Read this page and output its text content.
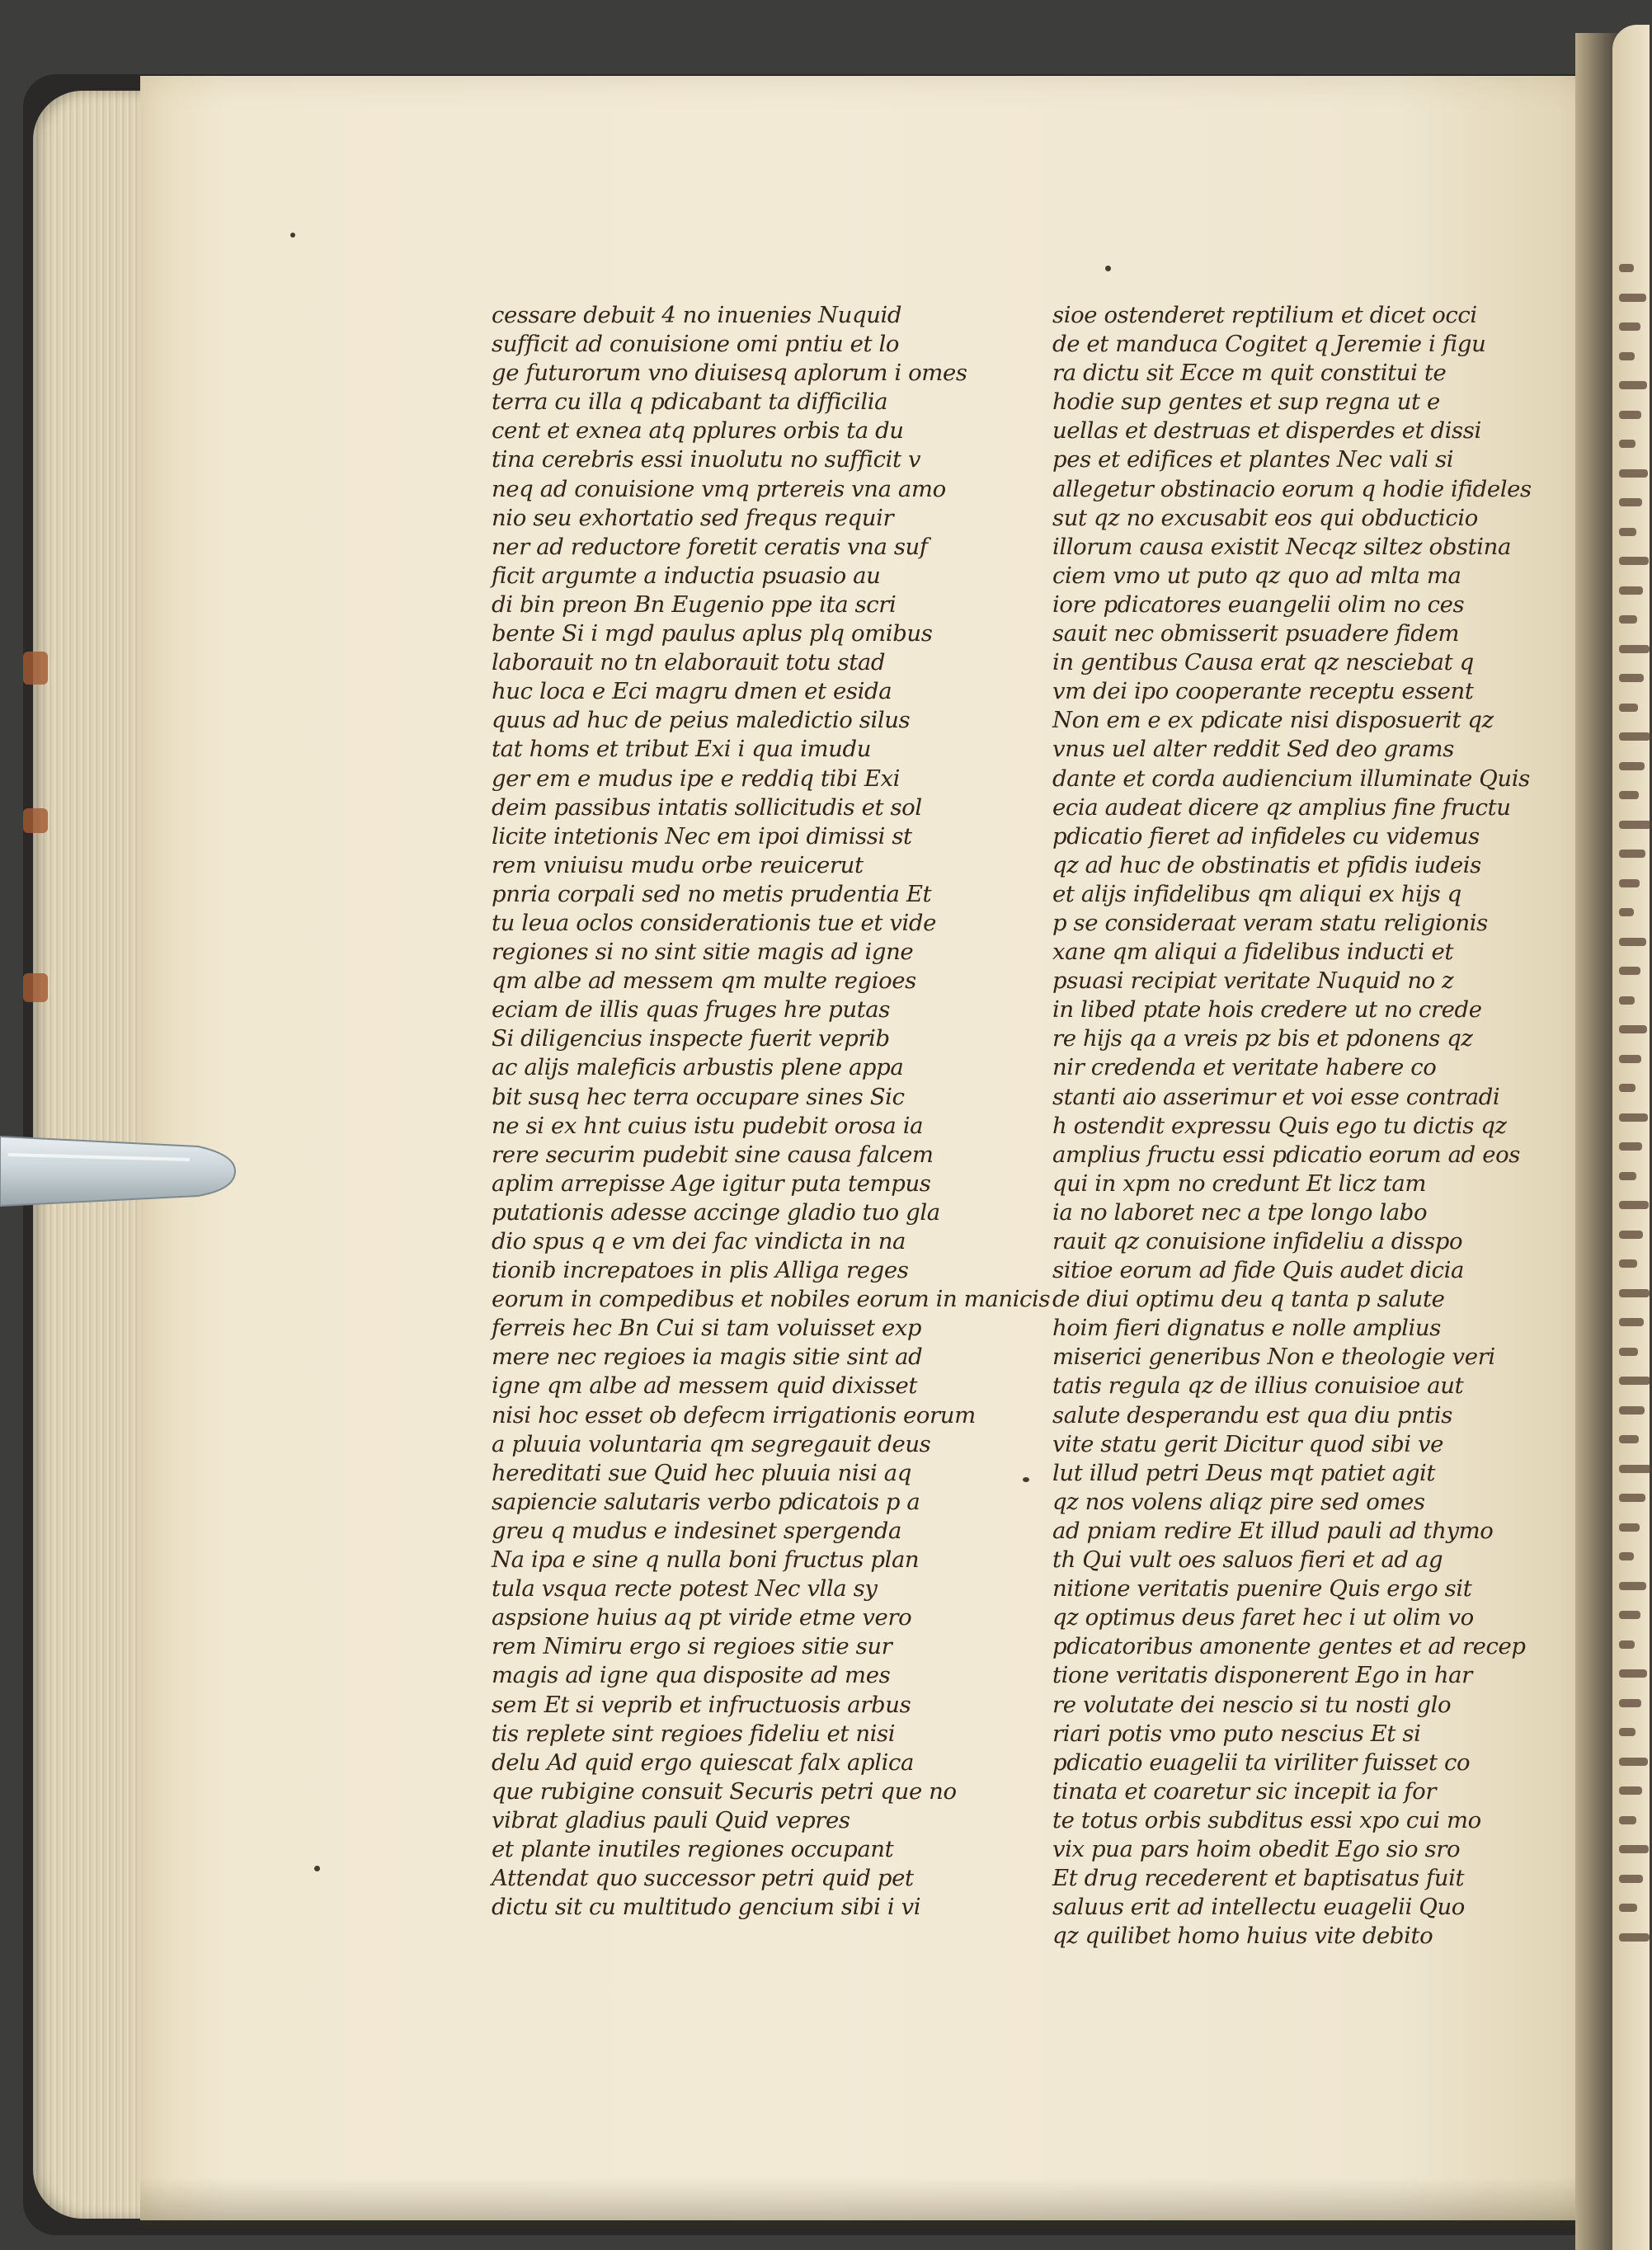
cessare debuit 4 no inuenies Nuquid
sufficit ad conuisione omi pntiu et lo
ge futurorum vno diuisesq aplorum i omes
terra cu illa q pdicabant ta difficilia
cent et exnea atq pplures orbis ta du
tina cerebris essi inuolutu no sufficit v
neq ad conuisione vmq prtereis vna amo
nio seu exhortatio sed frequs requir
ner ad reductore foretit ceratis vna suf
ficit argumte a inductia psuasio au
di bin preon Bn Eugenio ppe ita scri
bente Si i mgd paulus aplus plq omibus
laborauit no tn elaborauit totu stad
huc loca e Eci magru dmen et esida
quus ad huc de peius maledictio silus
tat homs et tribut Exi i qua imudu
ger em e mudus ipe e reddiq tibi Exi
deim passibus intatis sollicitudis et sol
licite intetionis Nec em ipoi dimissi st
rem vniuisu mudu orbe reuicerut
pnria corpali sed no metis prudentia Et
tu leua oclos considerationis tue et vide
regiones si no sint sitie magis ad igne
qm albe ad messem qm multe regioes
eciam de illis quas fruges hre putas
Si diligencius inspecte fuerit veprib
ac alijs maleficis arbustis plene appa
bit susq hec terra occupare sines Sic
ne si ex hnt cuius istu pudebit orosa ia
rere securim pudebit sine causa falcem
aplim arrepisse Age igitur puta tempus
putationis adesse accinge gladio tuo gla
dio spus q e vm dei fac vindicta in na
tionib increpatoes in plis Alliga reges
eorum in compedibus et nobiles eorum in manicis
ferreis hec Bn Cui si tam voluisset exp
mere nec regioes ia magis sitie sint ad
igne qm albe ad messem quid dixisset
nisi hoc esset ob defecm irrigationis eorum
a pluuia voluntaria qm segregauit deus
hereditati sue Quid hec pluuia nisi aq
sapiencie salutaris verbo pdicatois p a
greu q mudus e indesinet spergenda
Na ipa e sine q nulla boni fructus plan
tula vsqua recte potest Nec vlla sy
aspsione huius aq pt viride etme vero
rem Nimiru ergo si regioes sitie sur
magis ad igne qua disposite ad mes
sem Et si veprib et infructuosis arbus
tis replete sint regioes fideliu et nisi
delu Ad quid ergo quiescat falx aplica
que rubigine consuit Securis petri que no
vibrat gladius pauli Quid vepres
et plante inutiles regiones occupant
Attendat quo successor petri quid pet
dictu sit cu multitudo gencium sibi i vi
sioe ostenderet reptilium et dicet occi
de et manduca Cogitet q Jeremie i figu
ra dictu sit Ecce m quit constitui te
hodie sup gentes et sup regna ut e
uellas et destruas et disperdes et dissi
pes et edifices et plantes Nec vali si
allegetur obstinacio eorum q hodie ifideles
sut qz no excusabit eos qui obducticio
illorum causa existit Necqz siltez obstina
ciem vmo ut puto qz quo ad mlta ma
iore pdicatores euangelii olim no ces
sauit nec obmisserit psuadere fidem
in gentibus Causa erat qz nesciebat q
vm dei ipo cooperante receptu essent
Non em e ex pdicate nisi disposuerit qz
vnus uel alter reddit Sed deo grams
dante et corda audiencium illuminate Quis
ecia audeat dicere qz amplius fine fructu
pdicatio fieret ad infideles cu videmus
qz ad huc de obstinatis et pfidis iudeis
et alijs infidelibus qm aliqui ex hijs q
p se consideraat veram statu religionis
xane qm aliqui a fidelibus inducti et
psuasi recipiat veritate Nuquid no z
in libed ptate hois credere ut no crede
re hijs qa a vreis pz bis et pdonens qz
nir credenda et veritate habere co
stanti aio asserimur et voi esse contradi
h ostendit expressu Quis ego tu dictis qz
amplius fructu essi pdicatio eorum ad eos
qui in xpm no credunt Et licz tam
ia no laboret nec a tpe longo labo
rauit qz conuisione infideliu a disspo
sitioe eorum ad fide Quis audet dicia
de diui optimu deu q tanta p salute
hoim fieri dignatus e nolle amplius
miserici generibus Non e theologie veri
tatis regula qz de illius conuisioe aut
salute desperandu est qua diu pntis
vite statu gerit Dicitur quod sibi ve
lut illud petri Deus mqt patiet agit
qz nos volens aliqz pire sed omes
ad pniam redire Et illud pauli ad thymo
th Qui vult oes saluos fieri et ad ag
nitione veritatis puenire Quis ergo sit
qz optimus deus faret hec i ut olim vo
pdicatoribus amonente gentes et ad recep
tione veritatis disponerent Ego in har
re volutate dei nescio si tu nosti glo
riari potis vmo puto nescius Et si
pdicatio euagelii ta viriliter fuisset co
tinata et coaretur sic incepit ia for
te totus orbis subditus essi xpo cui mo
vix pua pars hoim obedit Ego sio sro
Et drug recederent et baptisatus fuit
saluus erit ad intellectu euagelii Quo
qz quilibet homo huius vite debito
